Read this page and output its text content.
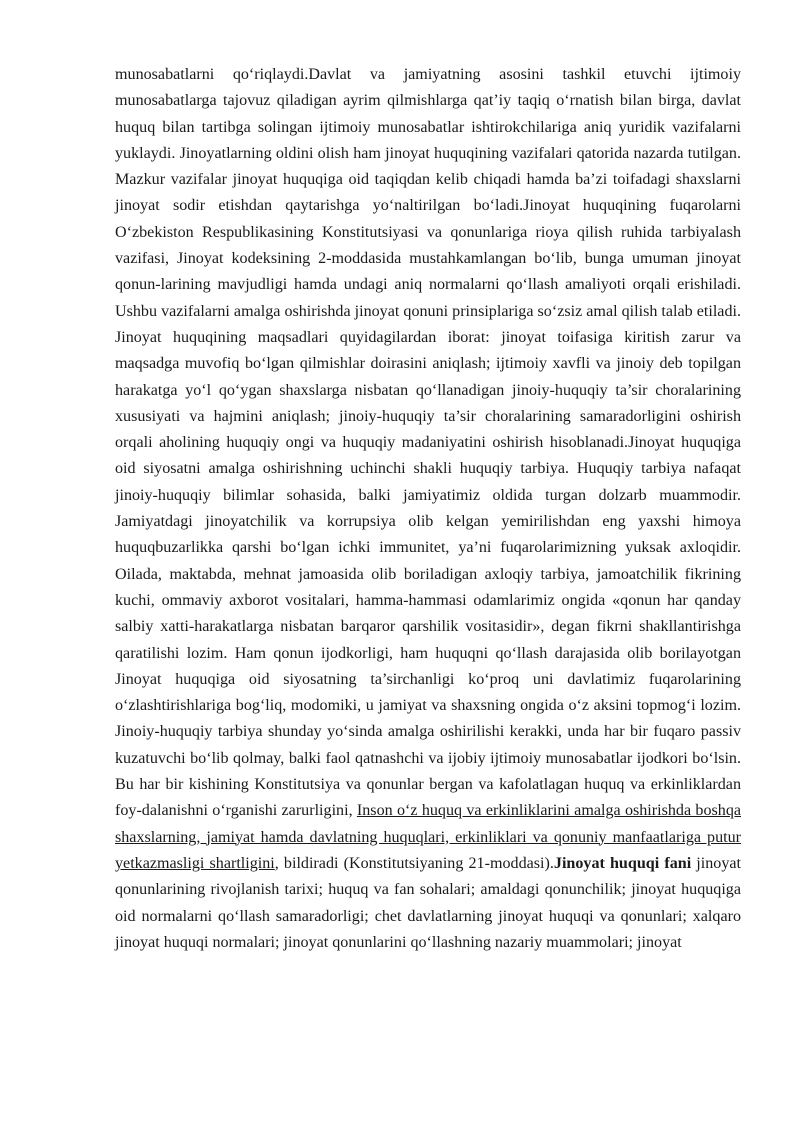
munosabatlarni qo‘riqlaydi.Davlat va jamiyatning asosini tashkil etuvchi ijtimoiy munosabatlarga tajovuz qiladigan ayrim qilmishlarga qat’iy taqiq o‘rnatish bilan birga, davlat huquq bilan tartibga solingan ijtimoiy munosabatlar ishtirokchilariga aniq yuridik vazifalarni yuklaydi. Jinoyatlarning oldini olish ham jinoyat huquqining vazifalari qatorida nazarda tutilgan. Mazkur vazifalar jinoyat huquqiga oid taqiqdan kelib chiqadi hamda ba’zi toifadagi shaxslarni jinoyat sodir etishdan qaytarishga yo‘naltirilgan bo‘ladi.Jinoyat huquqining fuqarolarni O‘zbekiston Respublikasining Konstitutsiyasi va qonunlariga rioya qilish ruhida tarbiyalash vazifasi, Jinoyat kodeksining 2-moddasida mustahkamlangan bo‘lib, bunga umuman jinoyat qonun-larining mavjudligi hamda undagi aniq normalarni qo‘llash amaliyoti orqali erishiladi. Ushbu vazifalarni amalga oshirishda jinoyat qonuni prinsiplariga so‘zsiz amal qilish talab etiladi. Jinoyat huquqining maqsadlari quyidagilardan iborat: jinoyat toifasiga kiritish zarur va maqsadga muvofiq bo‘lgan qilmishlar doirasini aniqlash; ijtimoiy xavfli va jinoiy deb topilgan harakatga yo‘l qo‘ygan shaxslarga nisbatan qo‘llanadigan jinoiy-huquqiy ta’sir choralarining xususiyati va hajmini aniqlash; jinoiy-huquqiy ta’sir choralarining samaradorligini oshirish orqali aholining huquqiy ongi va huquqiy madaniyatini oshirish hisoblanadi.Jinoyat huquqiga oid siyosatni amalga oshirishning uchinchi shakli huquqiy tarbiya. Huquqiy tarbiya nafaqat jinoiy-huquqiy bilimlar sohasida, balki jamiyatimiz oldida turgan dolzarb muammodir. Jamiyatdagi jinoyatchilik va korrupsiya olib kelgan yemirilishdan eng yaxshi himoya huquqbuzarlikka qarshi bo‘lgan ichki immunitet, ya’ni fuqarolarimizning yuksak axloqidir. Oilada, maktabda, mehnat jamoasida olib boriladigan axloqiy tarbiya, jamoatchilik fikrining kuchi, ommaviy axborot vositalari, hamma-hammasi odamlarimiz ongida «qonun har qanday salbiy xatti-harakatlarga nisbatan barqaror qarshilik vositasidir», degan fikrni shakllantirishga qaratilishi lozim. Ham qonun ijodkorligi, ham huquqni qo‘llash darajasida olib borilayotgan Jinoyat huquqiga oid siyosatning ta’sirchanligi ko‘proq uni davlatimiz fuqarolarining o‘zlashtirishlariga bog‘liq, modomiki, u jamiyat va shaxsning ongida o‘z aksini topmog‘i lozim. Jinoiy-huquqiy tarbiya shunday yo‘sinda amalga oshirilishi kerakki, unda har bir fuqaro passiv kuzatuvchi bo‘lib qolmay, balki faol qatnashchi va ijobiy ijtimoiy munosabatlar ijodkori bo‘lsin. Bu har bir kishining Konstitutsiya va qonunlar bergan va kafolatlagan huquq va erkinliklardan foy-dalanishni o‘rganishi zarurligini, Inson o‘z huquq va erkinliklarini amalga oshirishda boshqa shaxslarning, jamiyat hamda davlatning huquqlari, erkinliklari va qonuniy manfaatlariga putur yetkazmasligi shartligini, bildiradi (Konstitutsiyaning 21-moddasi).Jinoyat huquqi fani jinoyat qonunlarining rivojlanish tarixi; huquq va fan sohalari; amaldagi qonunchilik; jinoyat huquqiga oid normalarni qo‘llash samaradorligi; chet davlatlarning jinoyat huquqi va qonunlari; xalqaro jinoyat huquqi normalari; jinoyat qonunlarini qo‘llashning nazariy muammolari; jinoyat
